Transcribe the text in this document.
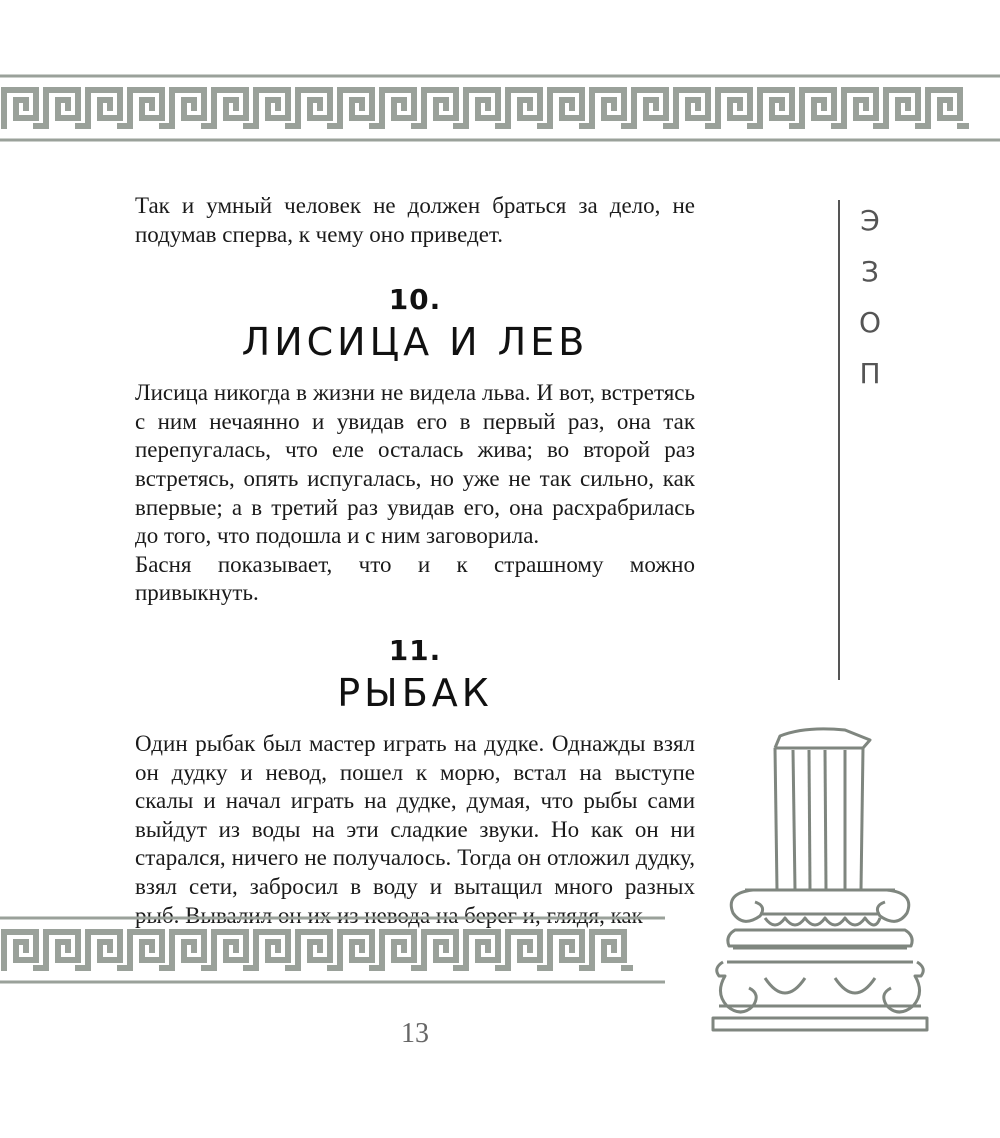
Так и умный человек не должен браться за дело, не подумав сперва, к чему оно приведет.

10.
ЛИСИЦА И ЛЕВ

Лисица никогда в жизни не видела льва. И вот, встретясь с ним нечаянно и увидав его в первый раз, она так перепугалась, что еле осталась жива; во второй раз встретясь, опять испугалась, но уже не так сильно, как впервые; а в третий раз увидав его, она расхрабрилась до того, что подошла и с ним заговорила.

Басня показывает, что и к страшному можно привыкнуть.

11.
РЫБАК

Один рыбак был мастер играть на дудке. Однажды взял он дудку и невод, пошел к морю, встал на выступе скалы и начал играть на дудке, думая, что рыбы сами выйдут из воды на эти сладкие звуки. Но как он ни старался, ничего не получалось. Тогда он отложил дудку, взял сети, забросил в воду и вытащил много разных рыб. Вывалил он их из невода на берег и, глядя, как

Э
З
О
П
13
